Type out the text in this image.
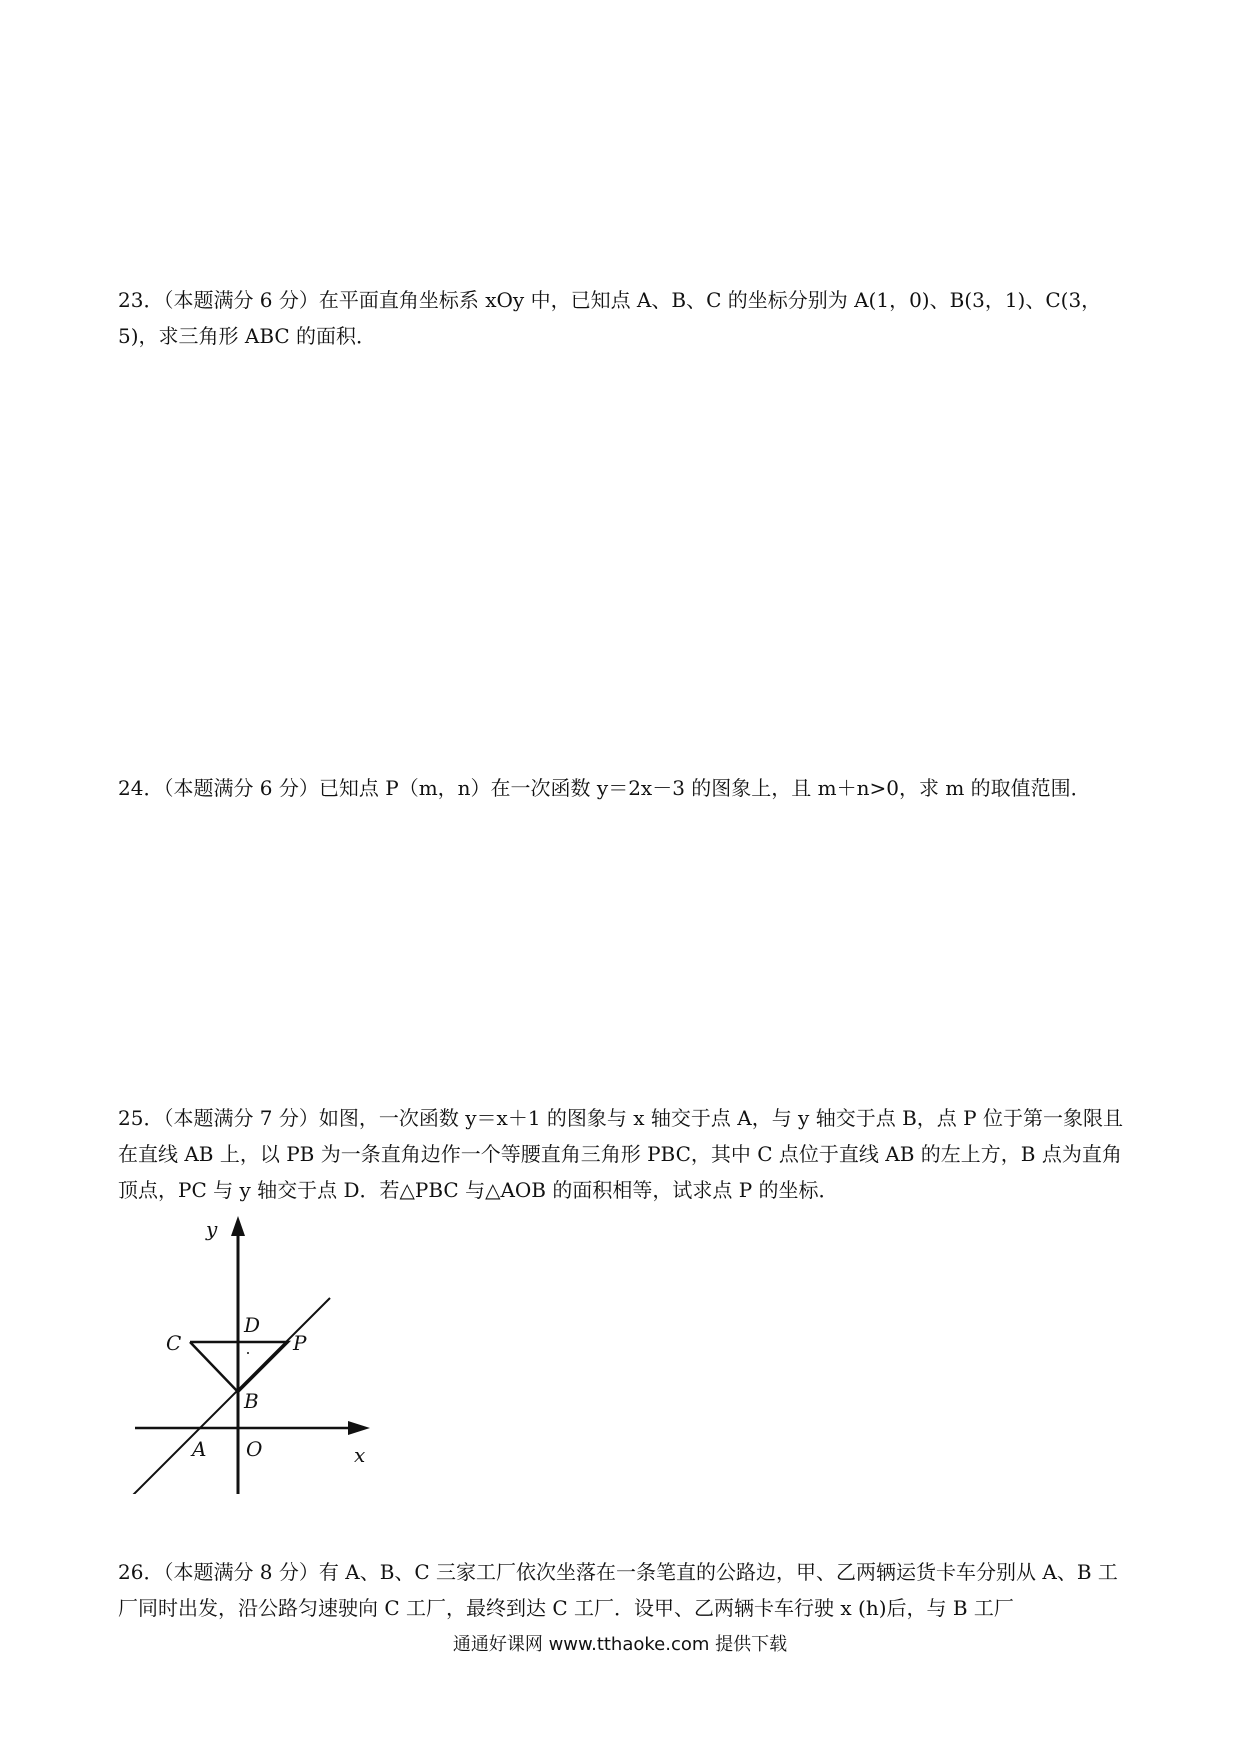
23．（本题满分 6 分）在平面直角坐标系 xOy 中，已知点 A、B、C 的坐标分别为 A(1，0)、B(3，1)、C(3，5)，求三角形 ABC 的面积．

24．（本题满分 6 分）已知点 P（m，n）在一次函数 y＝2x－3 的图象上，且 m＋n>0，求 m 的取值范围．

25．（本题满分 7 分）如图，一次函数 y＝x＋1 的图象与 x 轴交于点 A，与 y 轴交于点 B，点 P 位于第一象限且在直线 AB 上，以 PB 为一条直角边作一个等腰直角三角形 PBC，其中 C 点位于直线 AB 的左上方，B 点为直角顶点，PC 与 y 轴交于点 D．若△PBC 与△AOB 的面积相等，试求点 P 的坐标．

y
D
C	P
B
A O	x

26．（本题满分 8 分）有 A、B、C 三家工厂依次坐落在一条笔直的公路边，甲、乙两辆运货卡车分别从 A、B 工厂同时出发，沿公路匀速驶向 C 工厂，最终到达 C 工厂．设甲、乙两辆卡车行驶 x (h)后，与 B 工厂

通通好课网 www.tthaoke.com 提供下载
